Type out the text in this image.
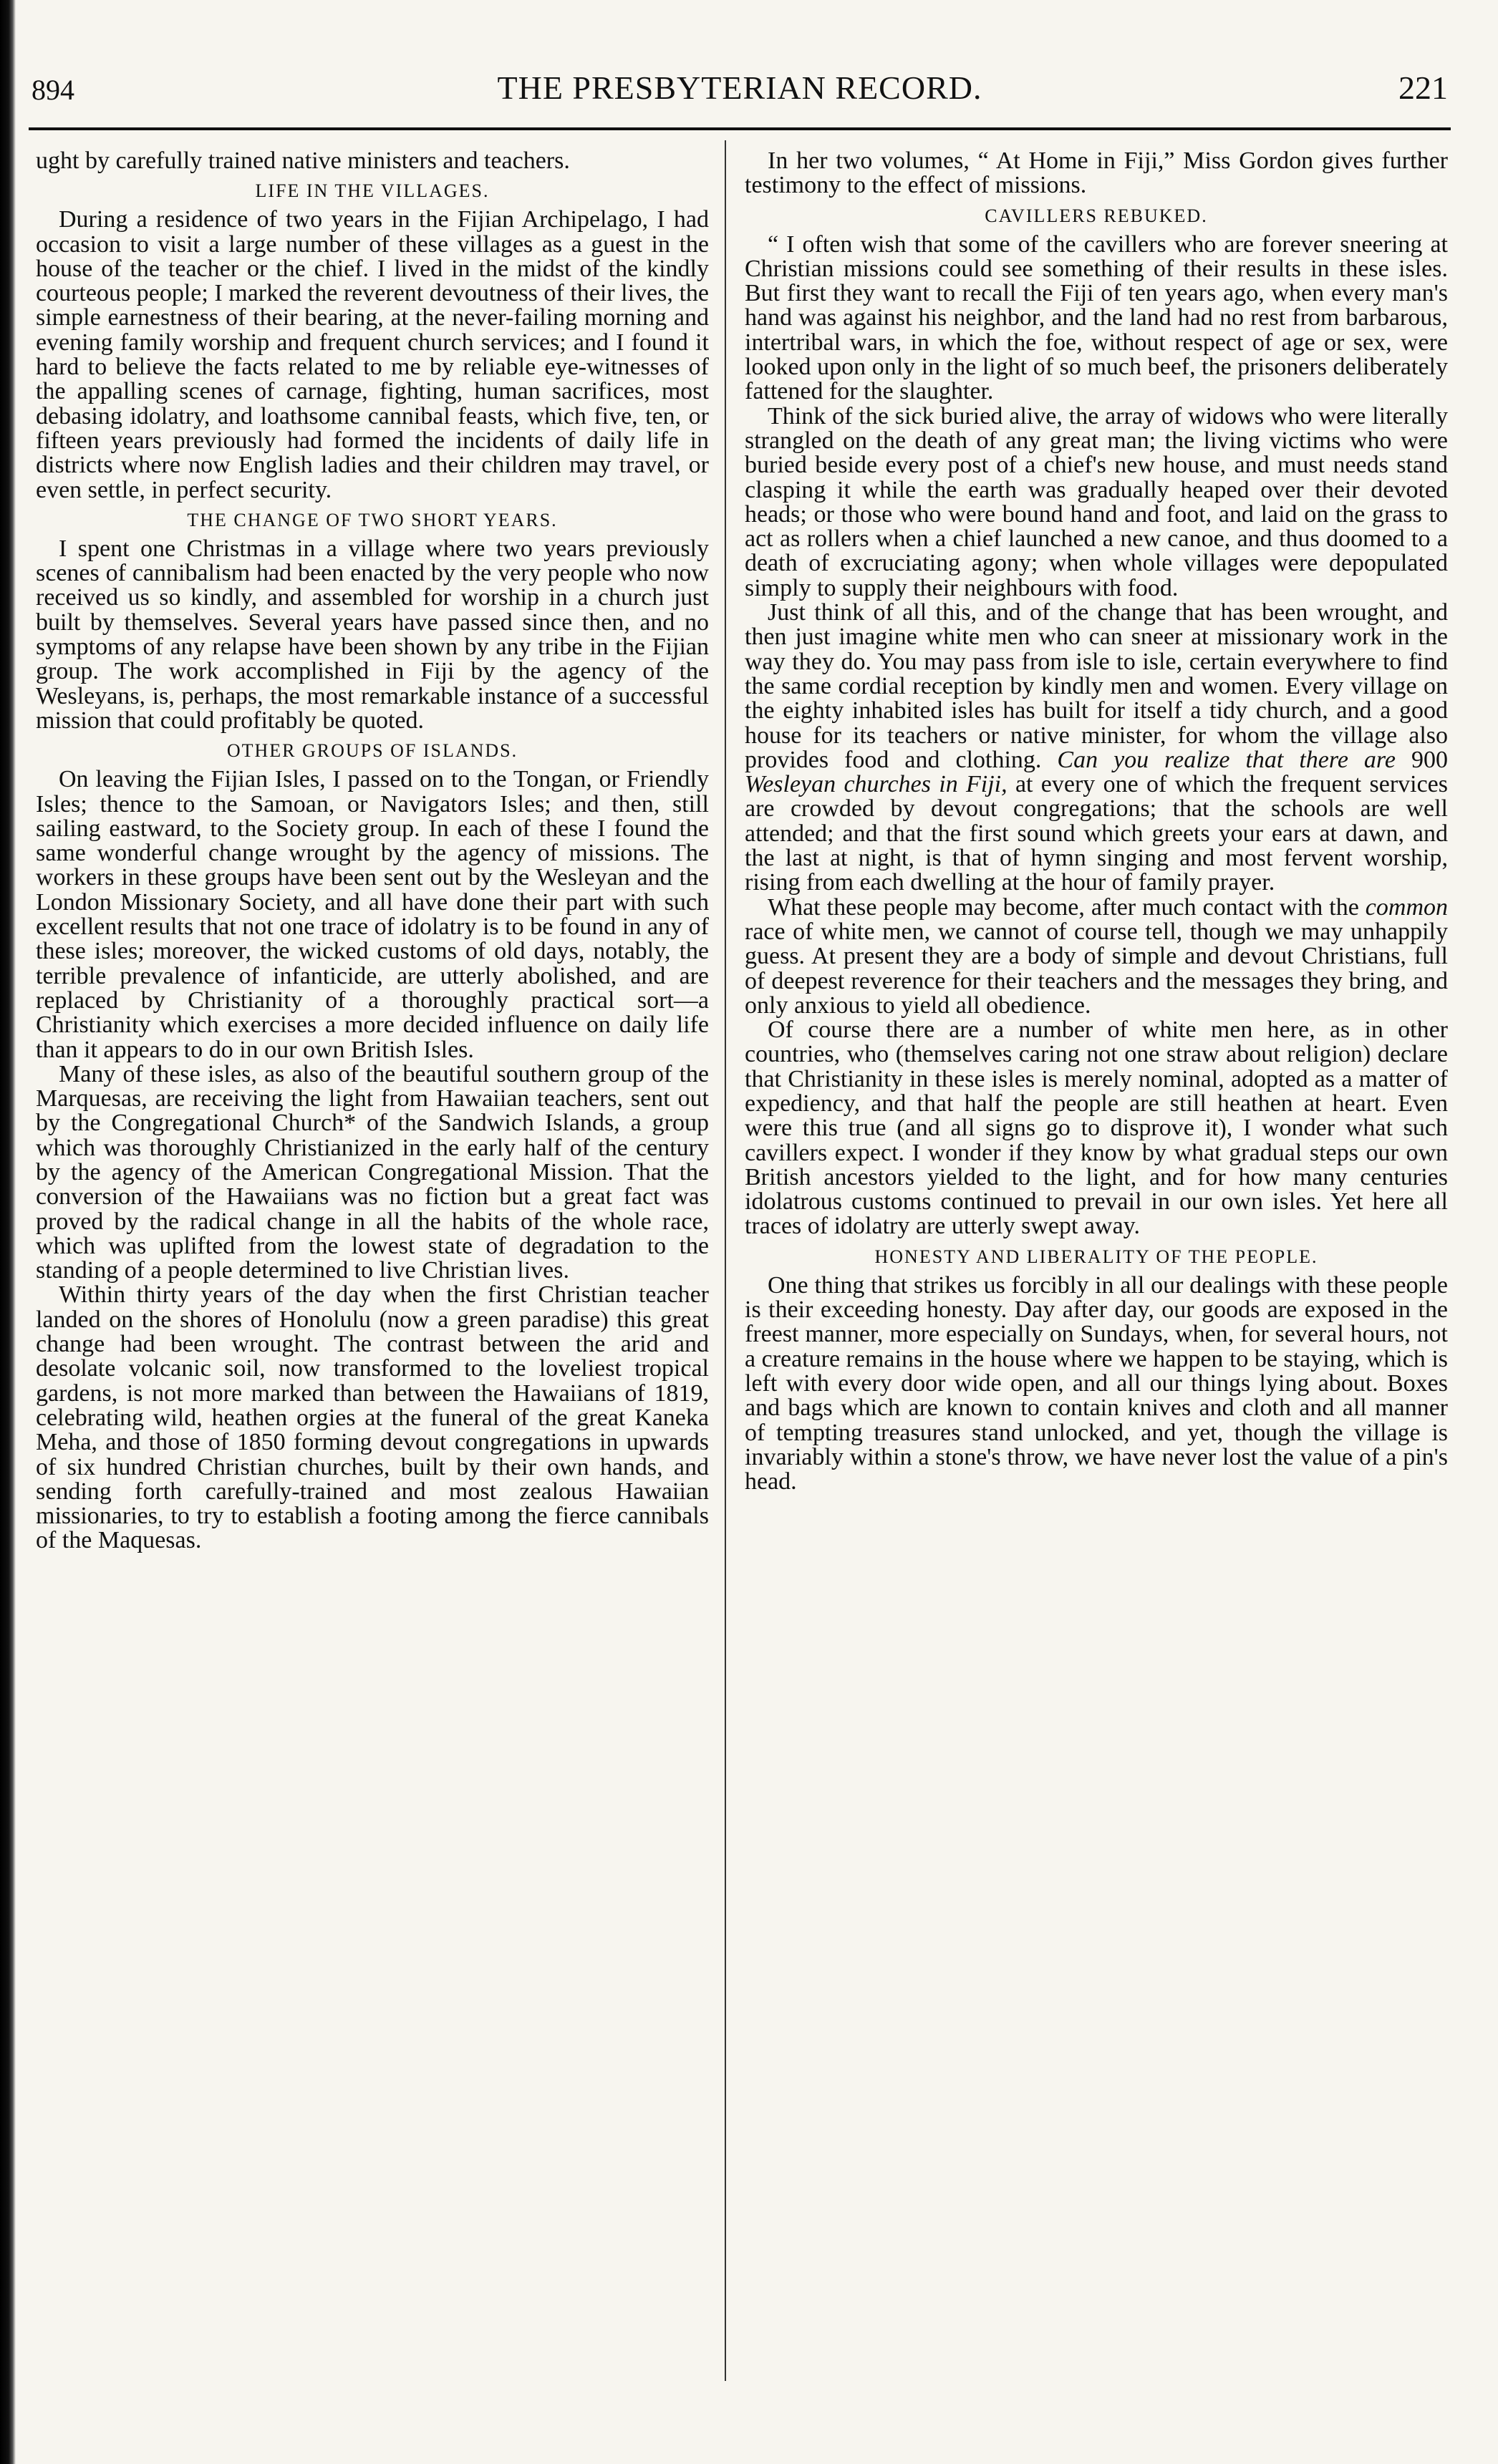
894	THE PRESBYTERIAN RECORD.	221

ught by carefully trained native ministers and teachers.

LIFE IN THE VILLAGES.

During a residence of two years in the Fijian Archipelago, I had occasion to visit a large number of these villages as a guest in the house of the teacher or the chief. I lived in the midst of the kindly courteous people; I marked the reverent devoutness of their lives, the simple earnestness of their bearing, at the never-failing morning and evening family worship and frequent church services; and I found it hard to believe the facts related to me by reliable eye-witnesses of the appalling scenes of carnage, fighting, human sacrifices, most debasing idolatry, and loathsome cannibal feasts, which five, ten, or fifteen years previously had formed the incidents of daily life in districts where now English ladies and their children may travel, or even settle, in perfect security.

THE CHANGE OF TWO SHORT YEARS.

I spent one Christmas in a village where two years previously scenes of cannibalism had been enacted by the very people who now received us so kindly, and assembled for worship in a church just built by themselves. Several years have passed since then, and no symptoms of any relapse have been shown by any tribe in the Fijian group. The work accomplished in Fiji by the agency of the Wesleyans, is, perhaps, the most remarkable instance of a successful mission that could profitably be quoted.

OTHER GROUPS OF ISLANDS.

On leaving the Fijian Isles, I passed on to the Tongan, or Friendly Isles; thence to the Samoan, or Navigators Isles; and then, still sailing eastward, to the Society group. In each of these I found the same wonderful change wrought by the agency of missions. The workers in these groups have been sent out by the Wesleyan and the London Missionary Society, and all have done their part with such excellent results that not one trace of idolatry is to be found in any of these isles; moreover, the wicked customs of old days, notably, the terrible prevalence of infanticide, are utterly abolished, and are replaced by Christianity of a thoroughly practical sort—a Christianity which exercises a more decided influence on daily life than it appears to do in our own British Isles.

Many of these isles, as also of the beautiful southern group of the Marquesas, are receiving the light from Hawaiian teachers, sent out by the Congregational Church* of the Sandwich Islands, a group which was thoroughly Christianized in the early half of the century by the agency of the American Congregational Mission. That the conversion of the Hawaiians was no fiction but a great fact was proved by the radical change in all the habits of the whole race, which was uplifted from the lowest state of degradation to the standing of a people determined to live Christian lives.

Within thirty years of the day when the first Christian teacher landed on the shores of Honolulu (now a green paradise) this great change had been wrought. The contrast between the arid and desolate volcanic soil, now transformed to the loveliest tropical gardens, is not more marked than between the Hawaiians of 1819, celebrating wild, heathen orgies at the funeral of the great Kaneka Meha, and those of 1850 forming devout congregations in upwards of six hundred Christian churches, built by their own hands, and sending forth carefully-trained and most zealous Hawaiian missionaries, to try to establish a footing among the fierce cannibals of the Maquesas.

In her two volumes, “ At Home in Fiji,” Miss Gordon gives further testimony to the effect of missions.

CAVILLERS REBUKED.

“ I often wish that some of the cavillers who are forever sneering at Christian missions could see something of their results in these isles. But first they want to recall the Fiji of ten years ago, when every man's hand was against his neighbor, and the land had no rest from barbarous, intertribal wars, in which the foe, without respect of age or sex, were looked upon only in the light of so much beef, the prisoners deliberately fattened for the slaughter.

Think of the sick buried alive, the array of widows who were literally strangled on the death of any great man; the living victims who were buried beside every post of a chief's new house, and must needs stand clasping it while the earth was gradually heaped over their devoted heads; or those who were bound hand and foot, and laid on the grass to act as rollers when a chief launched a new canoe, and thus doomed to a death of excruciating agony; when whole villages were depopulated simply to supply their neighbours with food.

Just think of all this, and of the change that has been wrought, and then just imagine white men who can sneer at missionary work in the way they do. You may pass from isle to isle, certain everywhere to find the same cordial reception by kindly men and women. Every village on the eighty inhabited isles has built for itself a tidy church, and a good house for its teachers or native minister, for whom the village also provides food and clothing. Can you realize that there are 900 Wesleyan churches in Fiji, at every one of which the frequent services are crowded by devout congregations; that the schools are well attended; and that the first sound which greets your ears at dawn, and the last at night, is that of hymn singing and most fervent worship, rising from each dwelling at the hour of family prayer.

What these people may become, after much contact with the common race of white men, we cannot of course tell, though we may unhappily guess. At present they are a body of simple and devout Christians, full of deepest reverence for their teachers and the messages they bring, and only anxious to yield all obedience.

Of course there are a number of white men here, as in other countries, who (themselves caring not one straw about religion) declare that Christianity in these isles is merely nominal, adopted as a matter of expediency, and that half the people are still heathen at heart. Even were this true (and all signs go to disprove it), I wonder what such cavillers expect. I wonder if they know by what gradual steps our own British ancestors yielded to the light, and for how many centuries idolatrous customs continued to prevail in our own isles. Yet here all traces of idolatry are utterly swept away.

HONESTY AND LIBERALITY OF THE PEOPLE.

One thing that strikes us forcibly in all our dealings with these people is their exceeding honesty. Day after day, our goods are exposed in the freest manner, more especially on Sundays, when, for several hours, not a creature remains in the house where we happen to be staying, which is left with every door wide open, and all our things lying about. Boxes and bags which are known to contain knives and cloth and all manner of tempting treasures stand unlocked, and yet, though the village is invariably within a stone's throw, we have never lost the value of a pin's head.
